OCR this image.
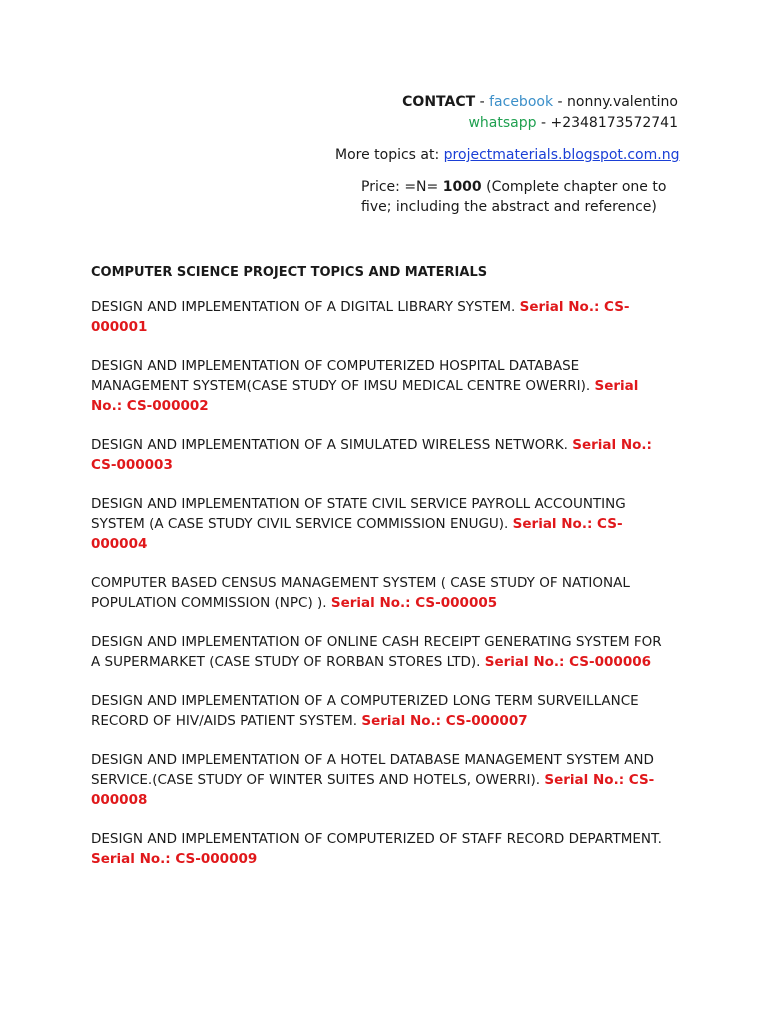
CONTACT - facebook - nonny.valentino
whatsapp - +2348173572741
More topics at: projectmaterials.blogspot.com.ng
Price: =N= 1000 (Complete chapter one to five; including the abstract and reference)
COMPUTER SCIENCE PROJECT TOPICS AND MATERIALS
DESIGN AND IMPLEMENTATION OF A DIGITAL LIBRARY SYSTEM. Serial No.: CS-000001
DESIGN AND IMPLEMENTATION OF COMPUTERIZED HOSPITAL DATABASE MANAGEMENT SYSTEM(CASE STUDY OF IMSU MEDICAL CENTRE OWERRI). Serial No.: CS-000002
DESIGN AND IMPLEMENTATION OF A SIMULATED WIRELESS NETWORK. Serial No.: CS-000003
DESIGN AND IMPLEMENTATION OF STATE CIVIL SERVICE PAYROLL ACCOUNTING SYSTEM (A CASE STUDY CIVIL SERVICE COMMISSION ENUGU). Serial No.: CS-000004
COMPUTER BASED CENSUS MANAGEMENT SYSTEM ( CASE STUDY OF NATIONAL POPULATION COMMISSION (NPC) ). Serial No.: CS-000005
DESIGN AND IMPLEMENTATION OF ONLINE CASH RECEIPT GENERATING SYSTEM FOR A SUPERMARKET (CASE STUDY OF RORBAN STORES LTD). Serial No.: CS-000006
DESIGN AND IMPLEMENTATION OF A COMPUTERIZED LONG TERM SURVEILLANCE RECORD OF HIV/AIDS PATIENT SYSTEM. Serial No.: CS-000007
DESIGN AND IMPLEMENTATION OF A HOTEL DATABASE MANAGEMENT SYSTEM AND SERVICE.(CASE STUDY OF WINTER SUITES AND HOTELS, OWERRI). Serial No.: CS-000008
DESIGN AND IMPLEMENTATION OF COMPUTERIZED OF STAFF RECORD DEPARTMENT. Serial No.: CS-000009
